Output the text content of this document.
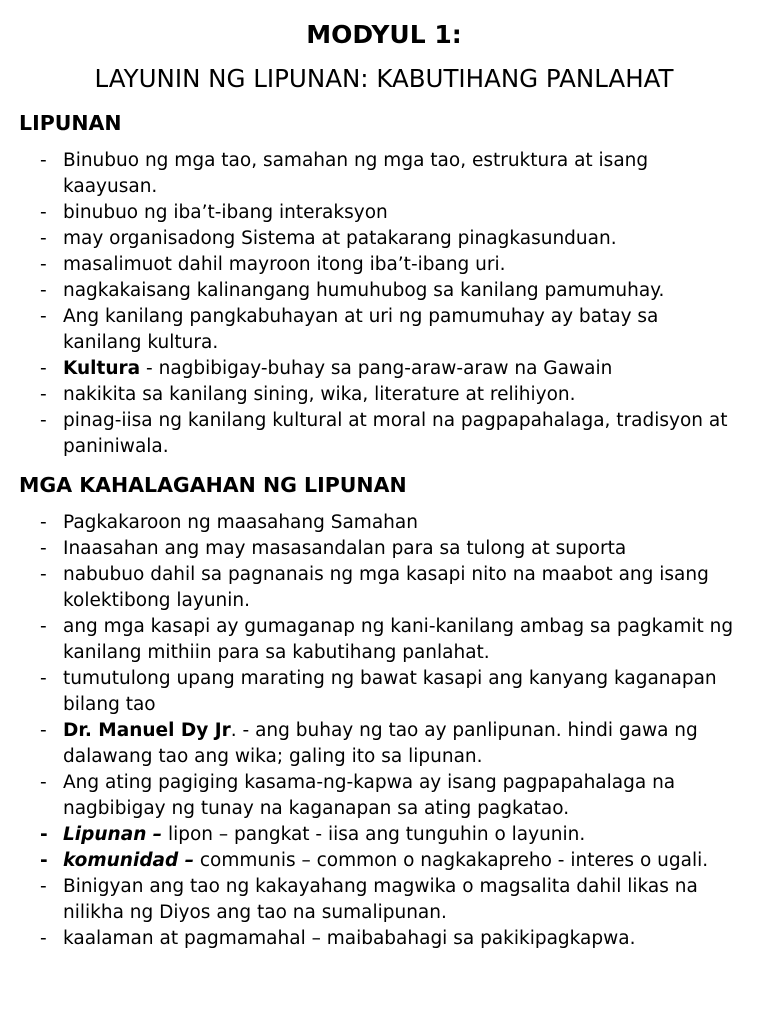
MODYUL 1:
LAYUNIN NG LIPUNAN: KABUTIHANG PANLAHAT
LIPUNAN
- Binubuo ng mga tao, samahan ng mga tao, estruktura at isang kaayusan.
- binubuo ng iba’t-ibang interaksyon
- may organisadong Sistema at patakarang pinagkasunduan.
- masalimuot dahil mayroon itong iba’t-ibang uri.
- nagkakaisang kalinangang humuhubog sa kanilang pamumuhay.
- Ang kanilang pangkabuhayan at uri ng pamumuhay ay batay sa kanilang kultura.
- Kultura - nagbibigay-buhay sa pang-araw-araw na Gawain
- nakikita sa kanilang sining, wika, literature at relihiyon.
- pinag-iisa ng kanilang kultural at moral na pagpapahalaga, tradisyon at paniniwala.
MGA KAHALAGAHAN NG LIPUNAN
- Pagkakaroon ng maasahang Samahan
- Inaasahan ang may masasandalan para sa tulong at suporta
- nabubuo dahil sa pagnanais ng mga kasapi nito na maabot ang isang kolektibong layunin.
- ang mga kasapi ay gumaganap ng kani-kanilang ambag sa pagkamit ng kanilang mithiin para sa kabutihang panlahat.
- tumutulong upang marating ng bawat kasapi ang kanyang kaganapan bilang tao
- Dr. Manuel Dy Jr. - ang buhay ng tao ay panlipunan. hindi gawa ng dalawang tao ang wika; galing ito sa lipunan.
- Ang ating pagiging kasama-ng-kapwa ay isang pagpapahalaga na nagbibigay ng tunay na kaganapan sa ating pagkatao.
- Lipunan – lipon – pangkat - iisa ang tunguhin o layunin.
- komunidad – communis – common o nagkakapreho - interes o ugali.
- Binigyan ang tao ng kakayahang magwika o magsalita dahil likas na nilikha ng Diyos ang tao na sumalipunan.
- kaalaman at pagmamahal – maibabahagi sa pakikipagkapwa.
